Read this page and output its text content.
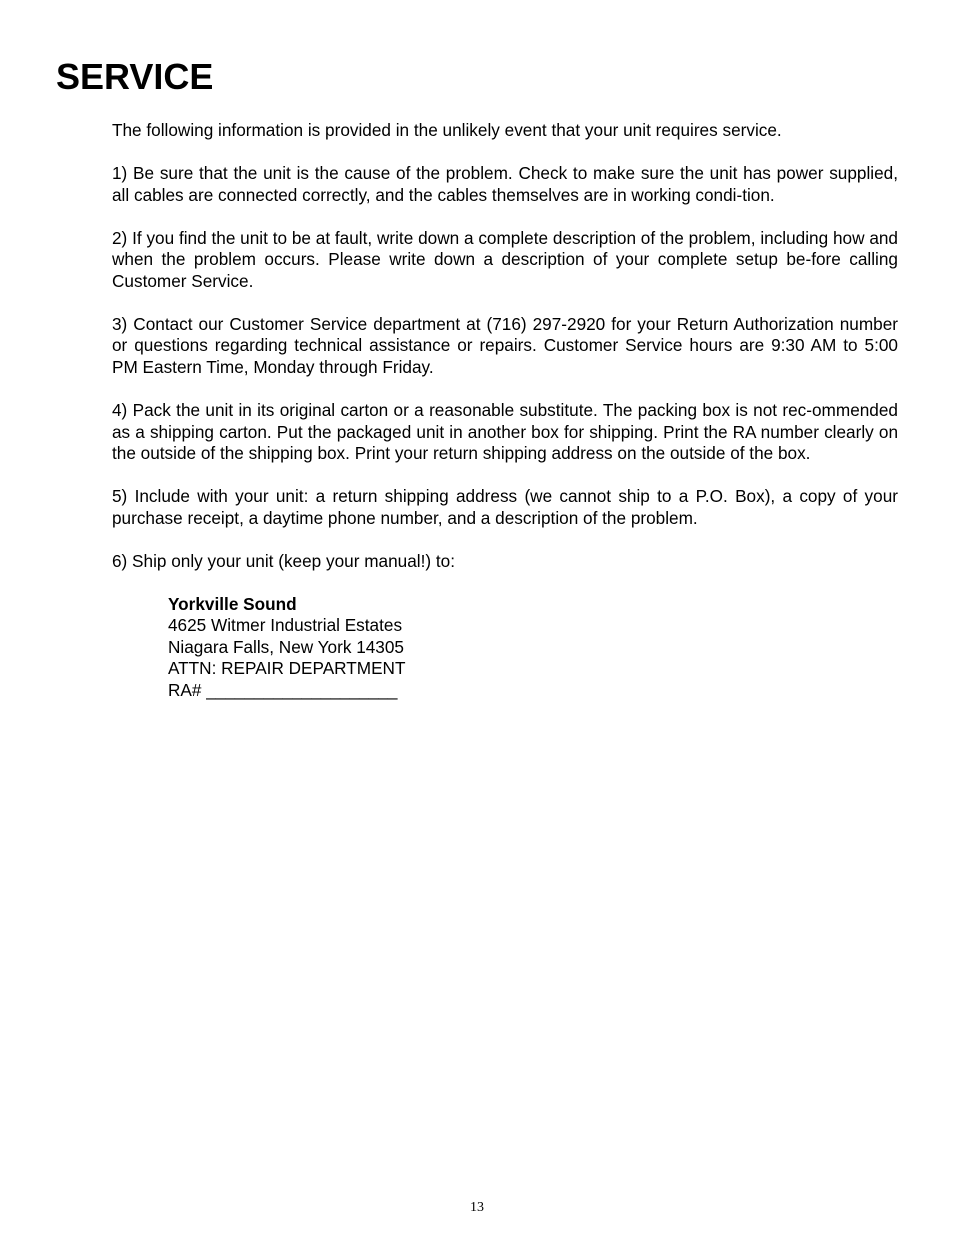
SERVICE

The following information is provided in the unlikely event that your unit requires service.

1) Be sure that the unit is the cause of the problem. Check to make sure the unit has power supplied, all cables are connected correctly, and the cables themselves are in working condi-tion.

2) If you find the unit to be at fault, write down a complete description of the problem, including how and when the problem occurs. Please write down a description of your complete setup be-fore calling Customer Service.

3) Contact our Customer Service department at (716) 297-2920 for your Return Authorization number or questions regarding technical assistance or repairs. Customer Service hours are 9:30 AM to 5:00 PM Eastern Time, Monday through Friday.

4) Pack the unit in its original carton or a reasonable substitute. The packing box is not rec-ommended as a shipping carton. Put the packaged unit in another box for shipping. Print the RA number clearly on the outside of the shipping box. Print your return shipping address on the outside of the box.

5) Include with your unit: a return shipping address (we cannot ship to a P.O. Box), a copy of your purchase receipt, a daytime phone number, and a description of the problem.

6) Ship only your unit (keep your manual!) to:

Yorkville Sound
4625 Witmer Industrial Estates
Niagara Falls, New York 14305
ATTN: REPAIR DEPARTMENT
RA# ____________________
13
